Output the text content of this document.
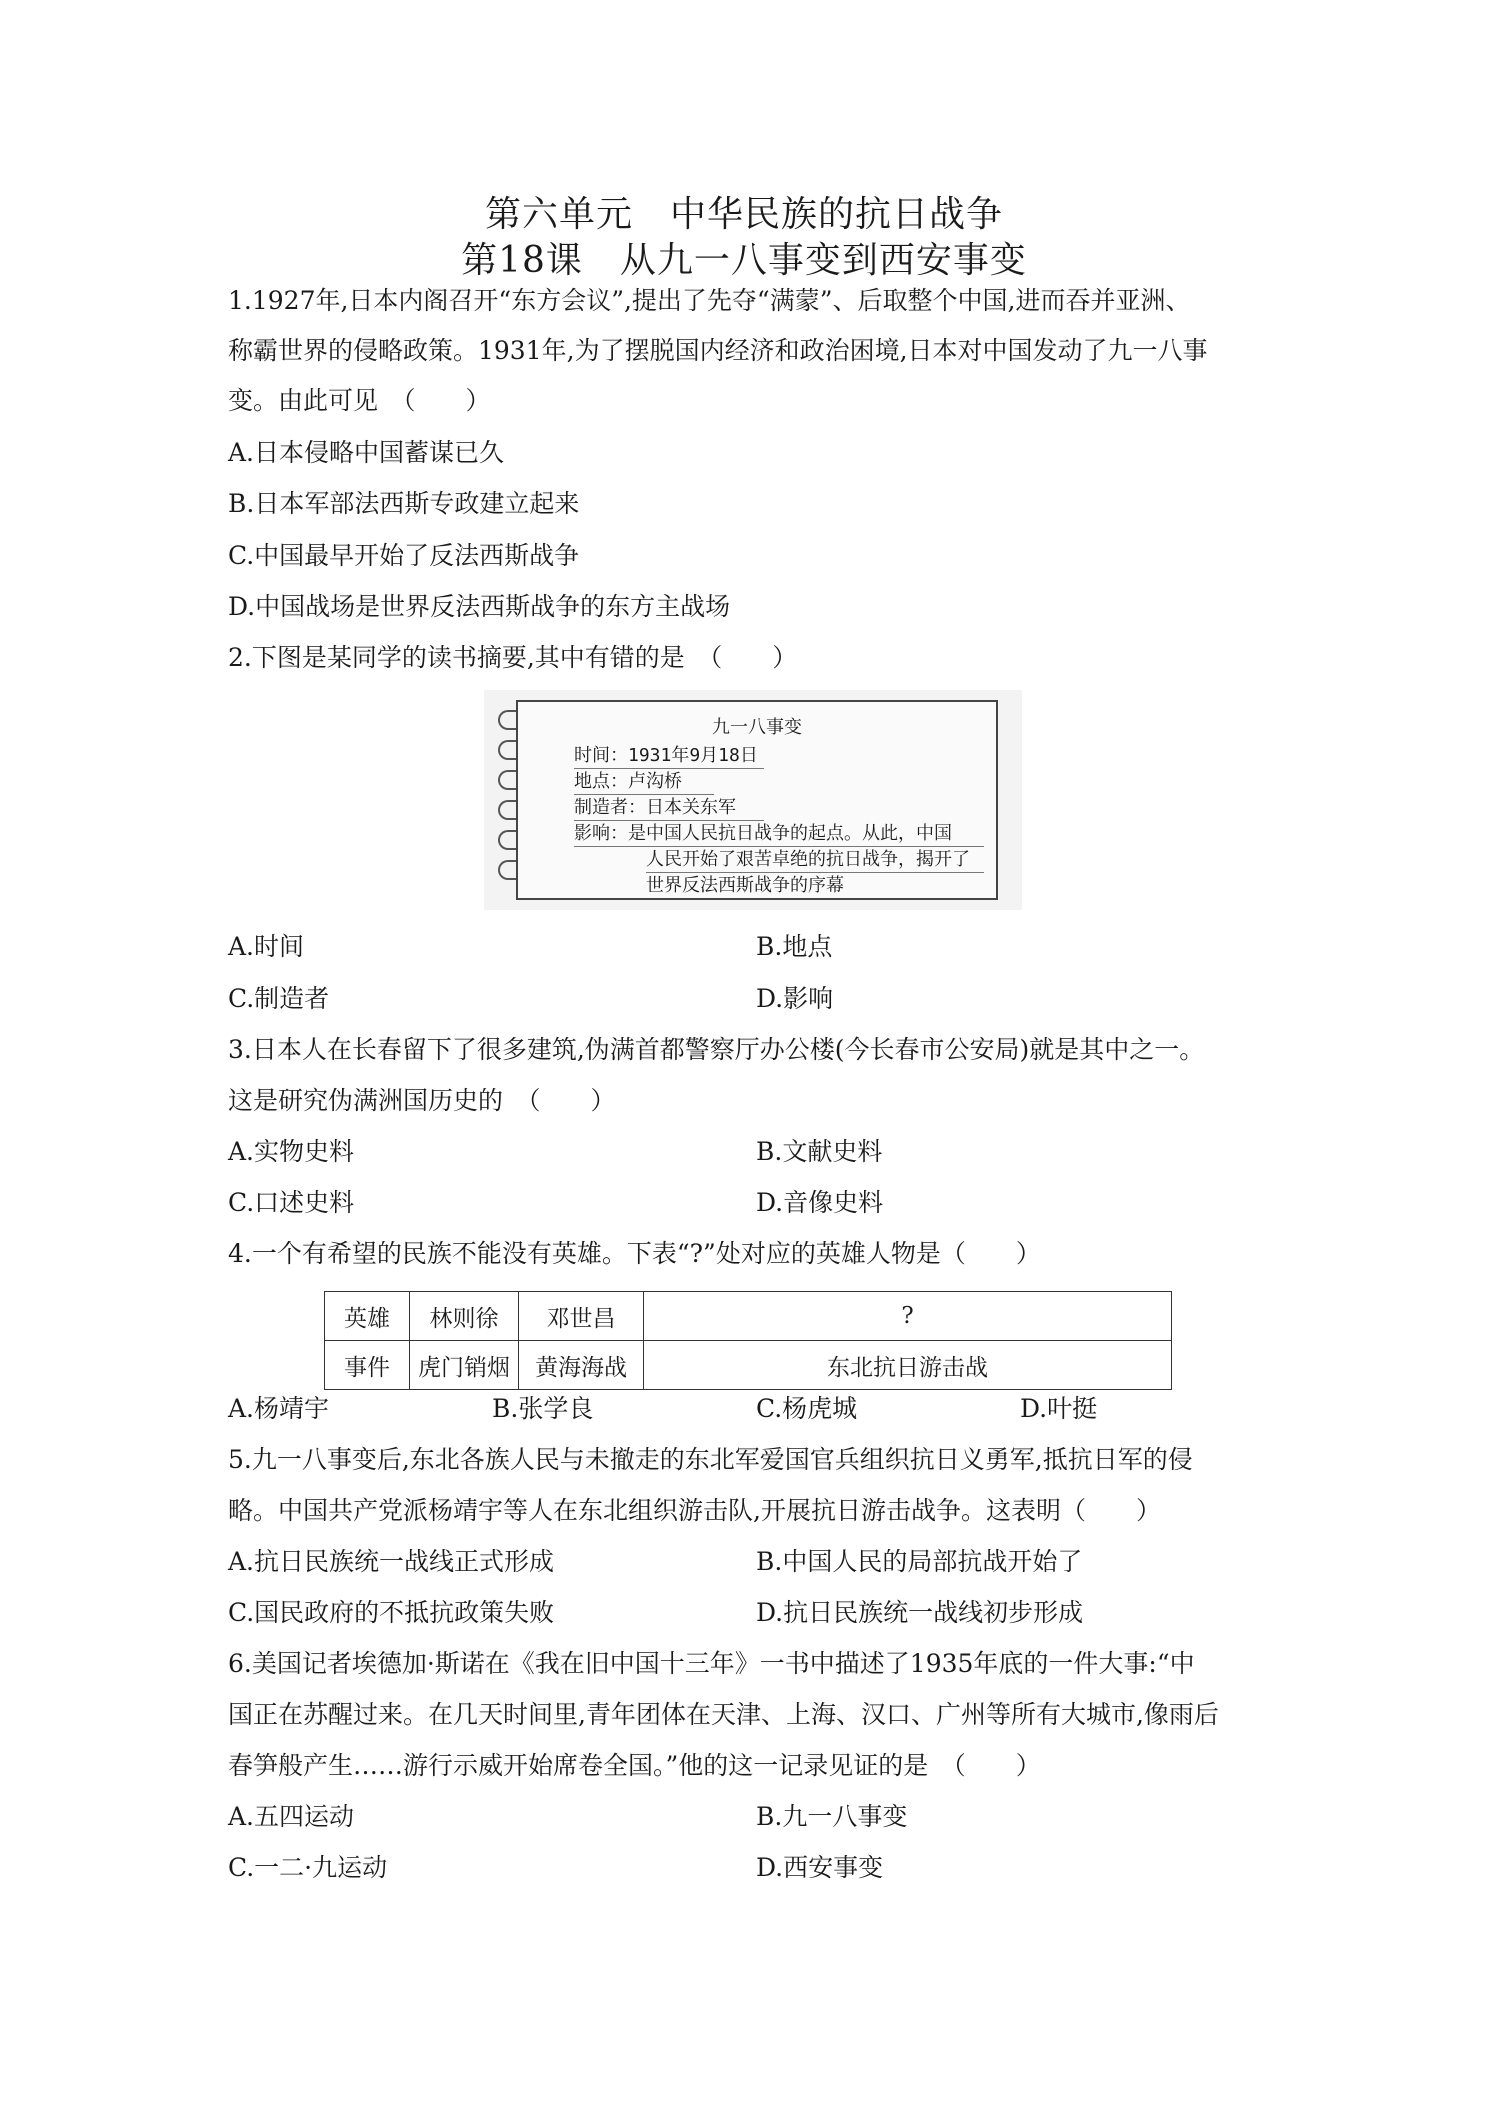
第六单元　中华民族的抗日战争
第18课　从九一八事变到西安事变
1.1927年,日本内阁召开“东方会议”,提出了先夺“满蒙”、后取整个中国,进而吞并亚洲、
称霸世界的侵略政策。1931年,为了摆脱国内经济和政治困境,日本对中国发动了九一八事
变。由此可见　（　　）
A.日本侵略中国蓄谋已久
B.日本军部法西斯专政建立起来
C.中国最早开始了反法西斯战争
D.中国战场是世界反法西斯战争的东方主战场
2.下图是某同学的读书摘要,其中有错的是　（　　）
九一八事变
时间：1931年9月18日
地点：卢沟桥
制造者：日本关东军
影响：是中国人民抗日战争的起点。从此，中国
人民开始了艰苦卓绝的抗日战争，揭开了
世界反法西斯战争的序幕
A.时间	B.地点
C.制造者	D.影响
3.日本人在长春留下了很多建筑,伪满首都警察厅办公楼(今长春市公安局)就是其中之一。
这是研究伪满洲国历史的　（　　）
A.实物史料	B.文献史料
C.口述史料	D.音像史料
4.一个有希望的民族不能没有英雄。下表“?”处对应的英雄人物是（　　）
英雄	林则徐	邓世昌	?
事件	虎门销烟	黄海海战	东北抗日游击战
A.杨靖宇	B.张学良	C.杨虎城	D.叶挺
5.九一八事变后,东北各族人民与未撤走的东北军爱国官兵组织抗日义勇军,抵抗日军的侵
略。中国共产党派杨靖宇等人在东北组织游击队,开展抗日游击战争。这表明（　　）
A.抗日民族统一战线正式形成	B.中国人民的局部抗战开始了
C.国民政府的不抵抗政策失败	D.抗日民族统一战线初步形成
6.美国记者埃德加·斯诺在《我在旧中国十三年》一书中描述了1935年底的一件大事:“中
国正在苏醒过来。在几天时间里,青年团体在天津、上海、汉口、广州等所有大城市,像雨后
春笋般产生……游行示威开始席卷全国。”他的这一记录见证的是　（　　）
A.五四运动	B.九一八事变
C.一二·九运动	D.西安事变
